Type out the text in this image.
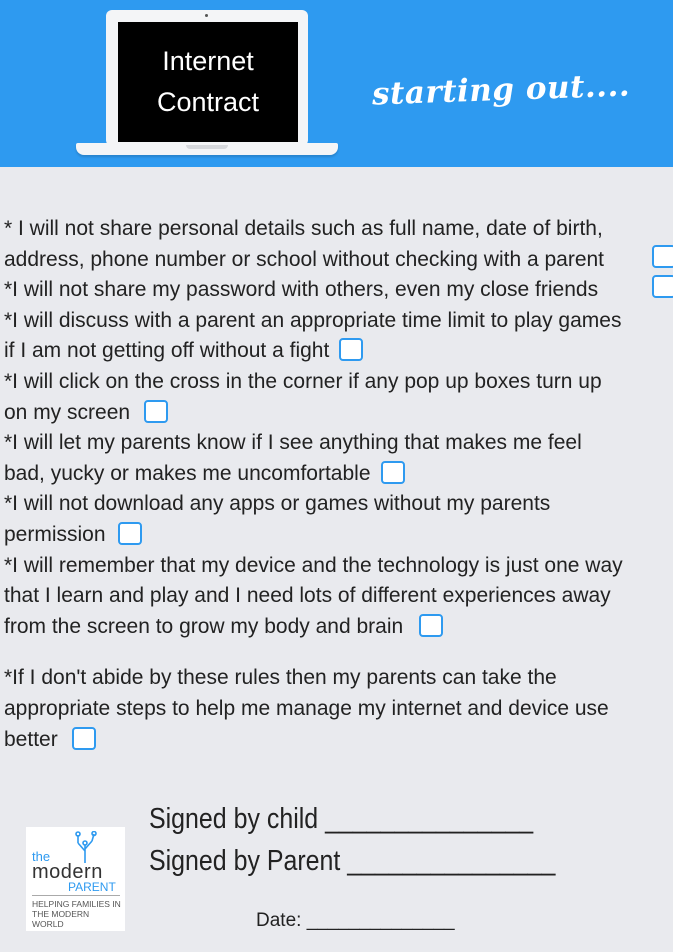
Internet
Contract	starting out....
* I will not share personal details such as full name, date of birth,
address, phone number or school without checking with a parent
*I will not share my password with others, even my close friends
*I will discuss with a parent an appropriate time limit to play games
if I am not getting off without a fight
*I will click on the cross in the corner if any pop up boxes turn up
on my screen
*I will let my parents know if I see anything that makes me feel
bad, yucky or makes me uncomfortable
*I will not download any apps or games without my parents
permission
*I will remember that my device and the technology is just one way
that I learn and play and I need lots of different experiences away
from the screen to grow my body and brain
*If I don't abide by these rules then my parents can take the
appropriate steps to help me manage my internet and device use
better
Signed by child _______________
Signed by Parent _______________
Date: ______________
the
modern
PARENT
HELPING FAMILIES IN THE MODERN WORLD
